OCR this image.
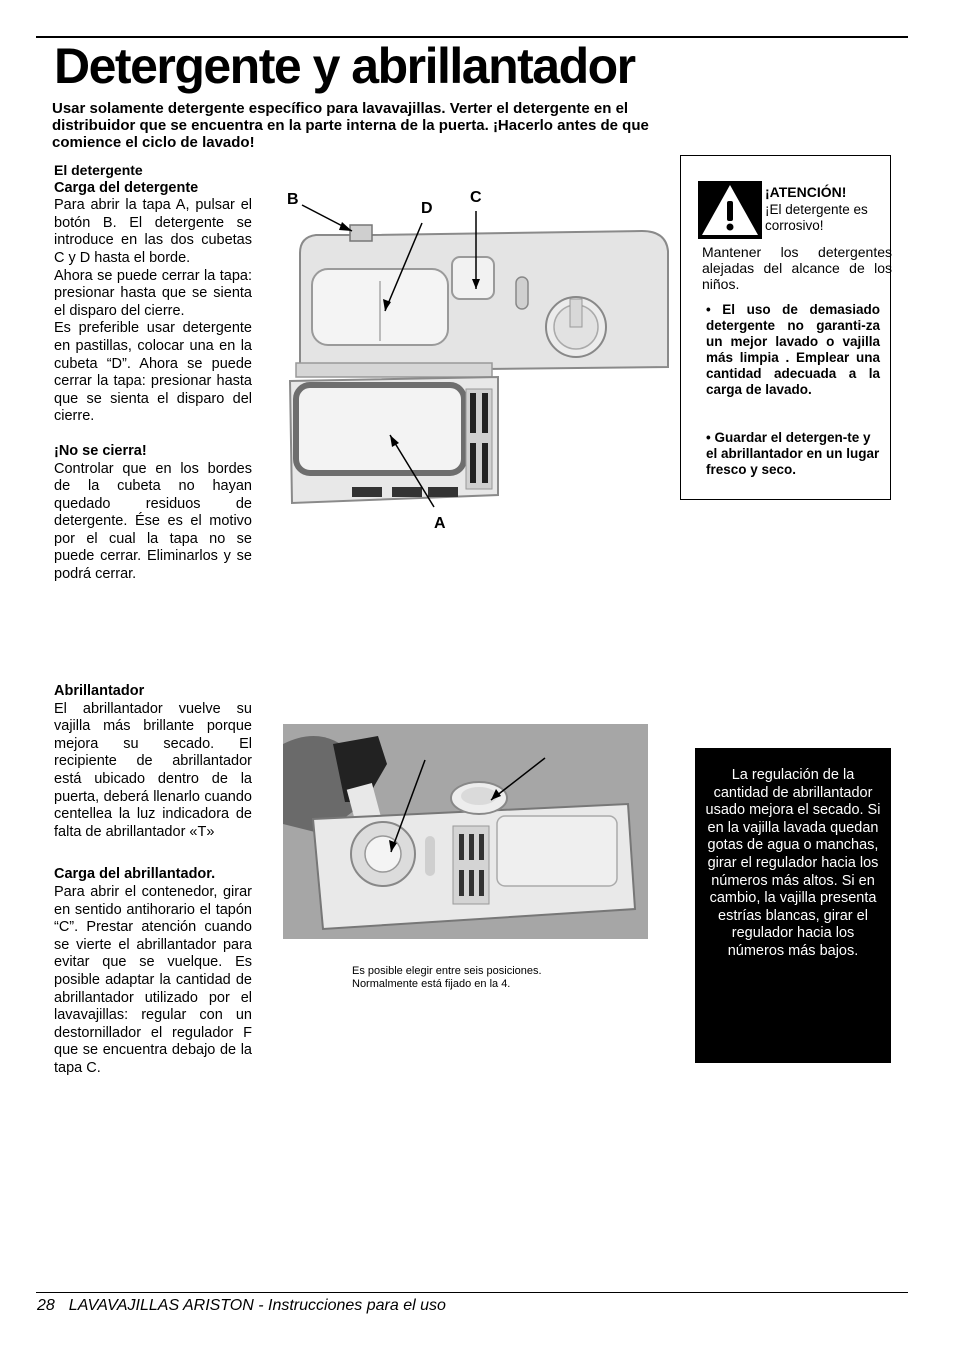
Detergente y abrillantador

Usar solamente detergente específico para lavavajillas. Verter el detergente en el distribuidor que se encuentra en la parte interna de la puerta. ¡Hacerlo antes de que comience el ciclo de lavado!

El detergente

Carga del detergente

Para abrir la tapa A, pulsar el botón B. El detergente se introduce en las dos cubetas C y D hasta el borde.

Ahora se puede cerrar la tapa: presionar hasta que se sienta el disparo del cierre.

Es preferible usar detergente en pastillas, colocar una en la cubeta “D”. Ahora se puede cerrar la tapa: presionar hasta que se sienta el disparo del cierre.

¡No se cierra!

Controlar que en los bordes de la cubeta no hayan quedado residuos de detergente. Ése es el motivo por el cual la tapa no se puede cerrar. Eliminarlos y se podrá cerrar.

Abrillantador

El abrillantador vuelve su vajilla más brillante porque mejora su secado. El recipiente de abrillantador está ubicado dentro de la puerta, deberá llenarlo cuando centellea la luz indicadora de falta de abrillantador «T»

Carga del abrillantador.

Para abrir el contenedor, girar en sentido antihorario el tapón “C”. Prestar atención cuando se vierte el abrillantador para evitar que se vuelque. Es posible adaptar la cantidad de abrillantador utilizado por el lavavajillas: regular con un destornillador el regulador F que se encuentra debajo de la tapa C.

B
D
C
A
¡ATENCIÓN!
¡El detergente es corrosivo!
Mantener los detergentes alejadas del alcance de los niños.
• El uso de demasiado detergente no garanti-za un mejor lavado o vajilla más limpia . Emplear una cantidad adecuada a la carga de lavado.
• Guardar el detergen-te y el abrillantador en un lugar fresco y seco.
Es posible elegir entre seis posiciones.
Normalmente está fijado en la 4.
La regulación de la cantidad de abrillantador usado mejora el secado. Si en la vajilla lavada quedan gotas de agua o manchas, girar el regulador hacia los números más altos. Si en cambio, la vajilla presenta estrías blancas, girar el regulador hacia los números más bajos.
28 LAVAVAJILLAS ARISTON - Instrucciones para el uso
